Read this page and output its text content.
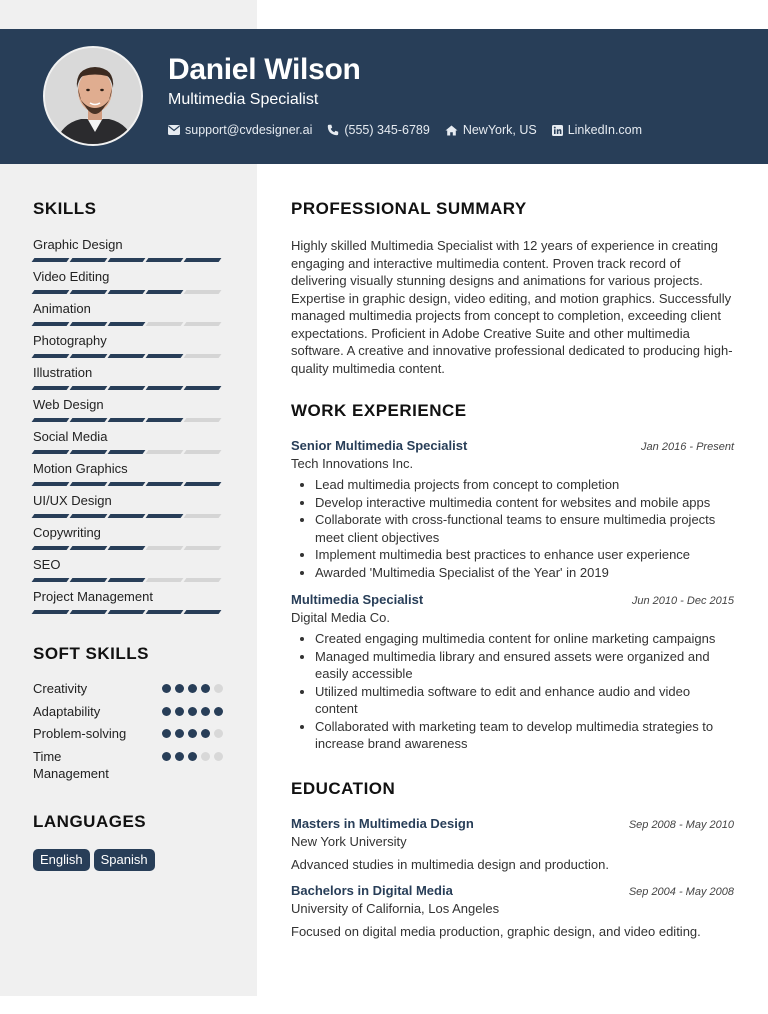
Daniel Wilson
Multimedia Specialist
support@cvdesigner.ai	(555) 345-6789	NewYork, US LinkedIn.com
SKILLS
Graphic Design
Video Editing
Animation
Photography
Illustration
Web Design
Social Media
Motion Graphics
UI/UX Design
Copywriting
SEO
Project Management
SOFT SKILLS
Creativity
Adaptability
Problem-solving
Time Management
LANGUAGES
English	Spanish
PROFESSIONAL SUMMARY

Highly skilled Multimedia Specialist with 12 years of experience in creating engaging and interactive multimedia content. Proven track record of delivering visually stunning designs and animations for various projects. Expertise in graphic design, video editing, and motion graphics. Successfully managed multimedia projects from concept to completion, exceeding client expectations. Proficient in Adobe Creative Suite and other multimedia software. A creative and innovative professional dedicated to producing high-quality multimedia content.

WORK EXPERIENCE
Senior Multimedia Specialist	Jan 2016 - Present
Tech Innovations Inc.
• Lead multimedia projects from concept to completion
• Develop interactive multimedia content for websites and mobile apps
• Collaborate with cross-functional teams to ensure multimedia projects meet client objectives
• Implement multimedia best practices to enhance user experience
• Awarded 'Multimedia Specialist of the Year' in 2019
Multimedia Specialist	Jun 2010 - Dec 2015
Digital Media Co.
• Created engaging multimedia content for online marketing campaigns
• Managed multimedia library and ensured assets were organized and easily accessible
• Utilized multimedia software to edit and enhance audio and video content
• Collaborated with marketing team to develop multimedia strategies to increase brand awareness
EDUCATION
Masters in Multimedia Design	Sep 2008 - May 2010
New York University
Advanced studies in multimedia design and production.
Bachelors in Digital Media	Sep 2004 - May 2008
University of California, Los Angeles
Focused on digital media production, graphic design, and video editing.
